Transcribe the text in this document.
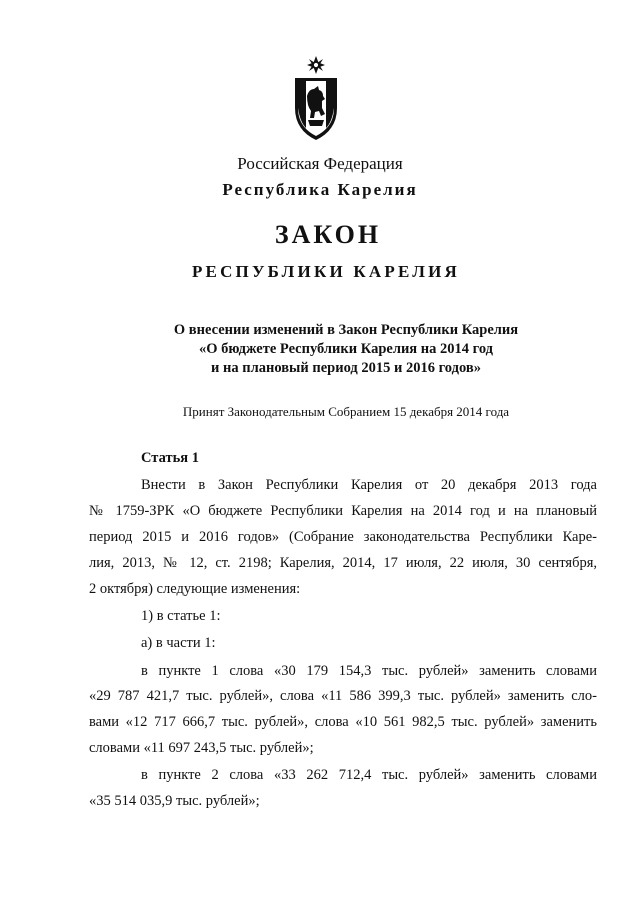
Российская Федерация
Республика Карелия
ЗАКОН
РЕСПУБЛИКИ КАРЕЛИЯ
О внесении изменений в Закон Республики Карелия
«О бюджете Республики Карелия на 2014 год
и на плановый период 2015 и 2016 годов»
Принят Законодательным Собранием 15 декабря 2014 года
Статья 1
Внести в Закон Республики Карелия от 20 декабря 2013 года
№ 1759-ЗРК «О бюджете Республики Карелия на 2014 год и на плановый
период 2015 и 2016 годов» (Собрание законодательства Республики Каре-
лия, 2013, № 12, ст. 2198; Карелия, 2014, 17 июля, 22 июля, 30 сентября,
2 октября) следующие изменения:
1) в статье 1:
а) в части 1:
в пункте 1 слова «30 179 154,3 тыс. рублей» заменить словами
«29 787 421,7 тыс. рублей», слова «11 586 399,3 тыс. рублей» заменить сло-
вами «12 717 666,7 тыс. рублей», слова «10 561 982,5 тыс. рублей» заменить
словами «11 697 243,5 тыс. рублей»;
в пункте 2 слова «33 262 712,4 тыс. рублей» заменить словами
«35 514 035,9 тыс. рублей»;
